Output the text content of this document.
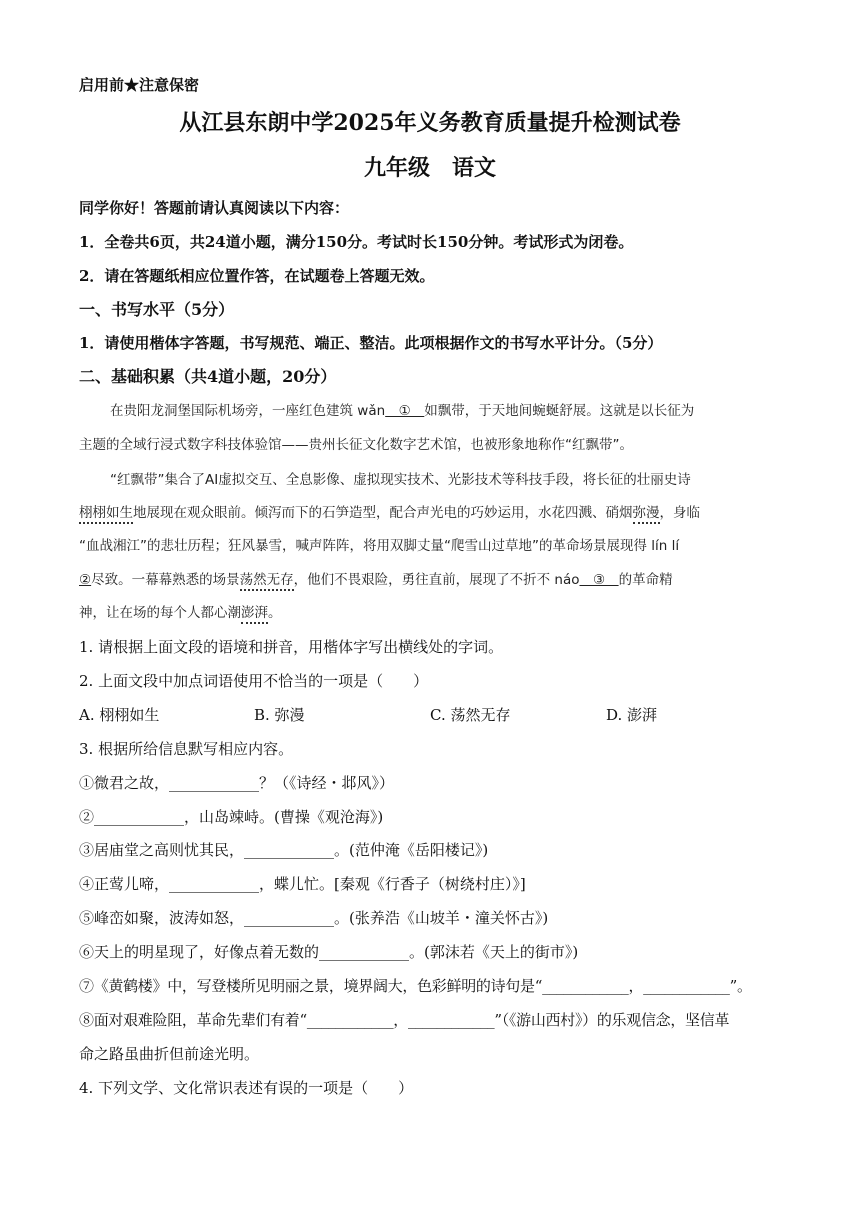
启用前★注意保密
从江县东朗中学2025年义务教育质量提升检测试卷
九年级　语文
同学你好！答题前请认真阅读以下内容：
1．全卷共6页，共24道小题，满分150分。考试时长150分钟。考试形式为闭卷。
2．请在答题纸相应位置作答，在试题卷上答题无效。
一、书写水平（5分）
1．请使用楷体字答题，书写规范、端正、整洁。此项根据作文的书写水平计分。（5分）
二、基础积累（共4道小题，20分）
在贵阳龙洞堡国际机场旁，一座红色建筑 wǎn　①　如飘带，于天地间蜿蜒舒展。这就是以长征为
主题的全域行浸式数字科技体验馆——贵州长征文化数字艺术馆，也被形象地称作“红飘带”。
“红飘带”集合了AI虚拟交互、全息影像、虚拟现实技术、光影技术等科技手段，将长征的壮丽史诗
栩栩如生地展现在观众眼前。倾泻而下的石笋造型，配合声光电的巧妙运用，水花四溅、硝烟弥漫，身临
“血战湘江”的悲壮历程；狂风暴雪，喊声阵阵，将用双脚丈量“爬雪山过草地”的革命场景展现得 lín lí
②尽致。一幕幕熟悉的场景荡然无存，他们不畏艰险，勇往直前，展现了不折不 náo　③　的革命精
神，让在场的每个人都心潮澎湃。
1. 请根据上面文段的语境和拼音，用楷体字写出横线处的字词。
2. 上面文段中加点词语使用不恰当的一项是（　　）
A. 栩栩如生	B. 弥漫	C. 荡然无存	D. 澎湃
3. 根据所给信息默写相应内容。
①微君之故，____________？（《诗经・邶风》）
②____________，山岛竦峙。(曹操《观沧海》)
③居庙堂之高则忧其民，____________。(范仲淹《岳阳楼记》)
④正莺儿啼，____________，蝶儿忙。[秦观《行香子（树绕村庄）》]
⑤峰峦如聚，波涛如怒，____________。(张养浩《山坡羊・潼关怀古》)
⑥天上的明星现了，好像点着无数的____________。(郭沫若《天上的街市》)
⑦《黄鹤楼》中，写登楼所见明丽之景，境界阔大，色彩鲜明的诗句是“____________，____________”。
⑧面对艰难险阻，革命先辈们有着“____________，____________”（《游山西村》）的乐观信念，坚信革
命之路虽曲折但前途光明。
4. 下列文学、文化常识表述有误的一项是（　　）
